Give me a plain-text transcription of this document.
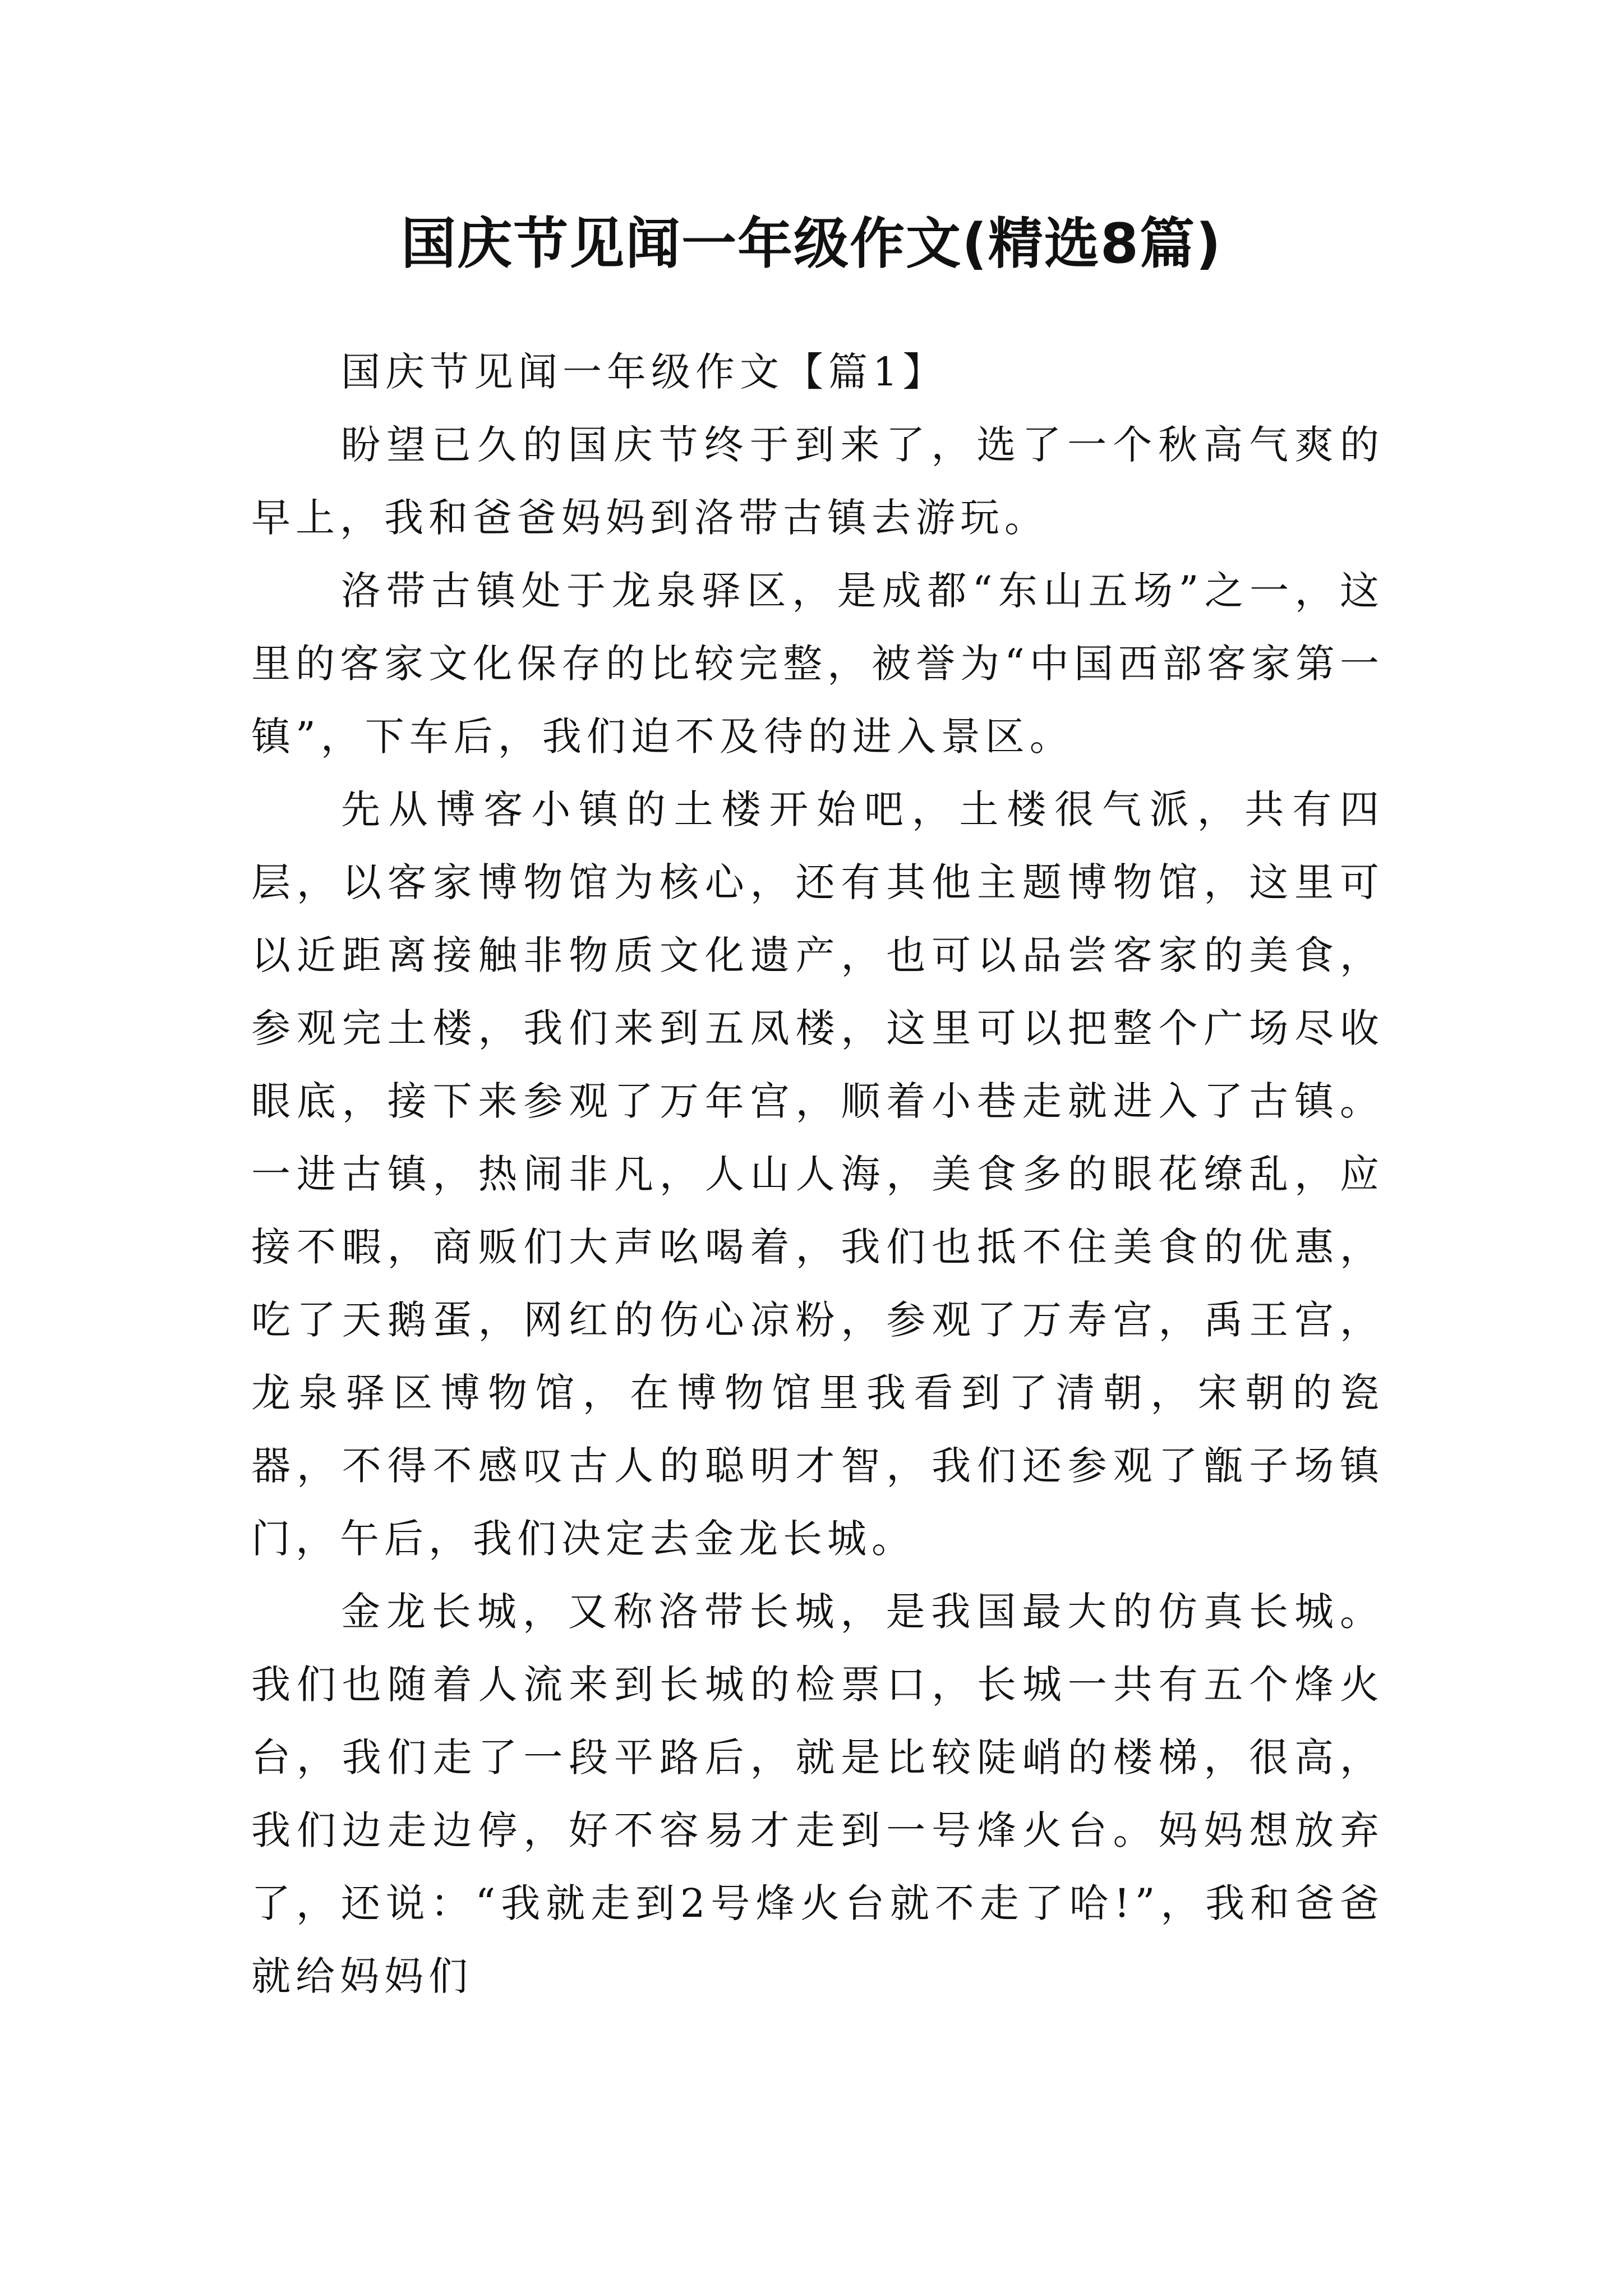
国庆节见闻一年级作文(精选8篇)
国庆节见闻一年级作文【篇1】

盼望已久的国庆节终于到来了，选了一个秋高气爽的早上，我和爸爸妈妈到洛带古镇去游玩。

洛带古镇处于龙泉驿区，是成都“东山五场”之一，这里的客家文化保存的比较完整，被誉为“中国西部客家第一镇”，下车后，我们迫不及待的进入景区。

先从博客小镇的土楼开始吧，土楼很气派，共有四层，以客家博物馆为核心，还有其他主题博物馆，这里可以近距离接触非物质文化遗产，也可以品尝客家的美食，参观完土楼，我们来到五凤楼，这里可以把整个广场尽收眼底，接下来参观了万年宫，顺着小巷走就进入了古镇。一进古镇，热闹非凡，人山人海，美食多的眼花缭乱，应接不暇，商贩们大声吆喝着，我们也抵不住美食的优惠，吃了天鹅蛋，网红的伤心凉粉，参观了万寿宫，禹王宫，龙泉驿区博物馆，在博物馆里我看到了清朝，宋朝的瓷器，不得不感叹古人的聪明才智，我们还参观了甑子场镇门，午后，我们决定去金龙长城。

金龙长城，又称洛带长城，是我国最大的仿真长城。我们也随着人流来到长城的检票口，长城一共有五个烽火台，我们走了一段平路后，就是比较陡峭的楼梯，很高，我们边走边停，好不容易才走到一号烽火台。妈妈想放弃了，还说：“我就走到2号烽火台就不走了哈!”，我和爸爸就给妈妈们
